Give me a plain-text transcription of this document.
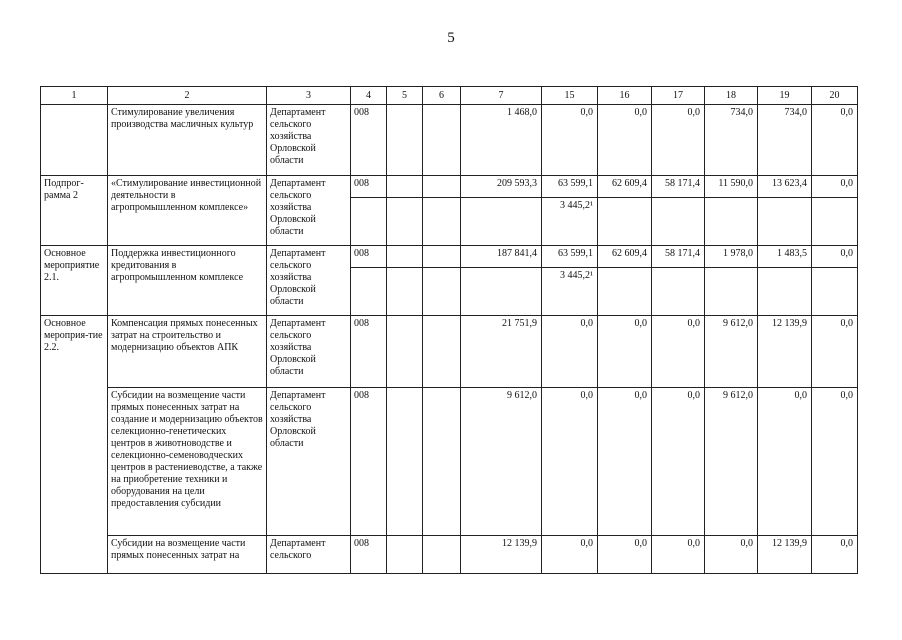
5
1	2	3	4	5	6	7	15	16	17	18	19	20
	Стимулирование увеличения производства масличных культур	Департамент сельского хозяйства Орловской области	008			1 468,0	0,0	0,0	0,0	734,0	734,0	0,0
Подпрог-рамма 2	«Стимулирование инвестиционной деятельности в агропромышленном комплексе»	Департамент сельского хозяйства Орловской области	008			209 593,3	63 599,1	62 609,4	58 171,4	11 590,0	13 623,4	0,0
							3 445,2¹					
Основное мероприятие 2.1.	Поддержка инвестиционного кредитования в агропромышленном комплексе	Департамент сельского хозяйства Орловской области	008			187 841,4	63 599,1	62 609,4	58 171,4	1 978,0	1 483,5	0,0
							3 445,2¹					
Основное мероприя-тие 2.2.	Компенсация прямых понесенных затрат на строительство и модернизацию объектов АПК	Департамент сельского хозяйства Орловской области	008			21 751,9	0,0	0,0	0,0	9 612,0	12 139,9	0,0
	Субсидии на возмещение части прямых понесенных затрат на создание и модернизацию объектов селекционно-генетических центров в животноводстве и селекционно-семеноводческих центров в растениеводстве, а также на приобретение техники и оборудования на цели предоставления субсидии	Департамент сельского хозяйства Орловской области	008			9 612,0	0,0	0,0	0,0	9 612,0	0,0	0,0
	Субсидии на возмещение части прямых понесенных затрат на	Департамент сельского	008			12 139,9	0,0	0,0	0,0	0,0	12 139,9	0,0
